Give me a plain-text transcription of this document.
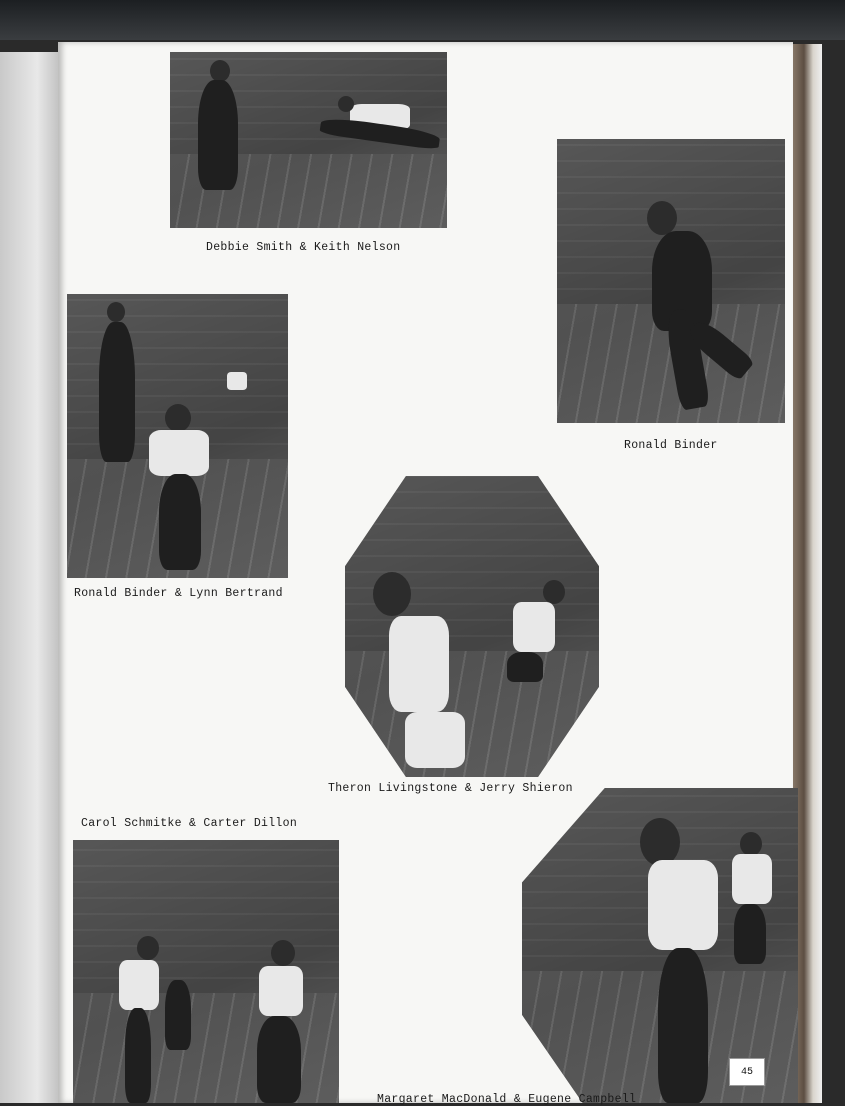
Debbie Smith & Keith Nelson
Ronald Binder
Ronald Binder & Lynn Bertrand
Theron Livingstone & Jerry Shieron
Carol Schmitke & Carter Dillon
Margaret MacDonald & Eugene Campbell
45
